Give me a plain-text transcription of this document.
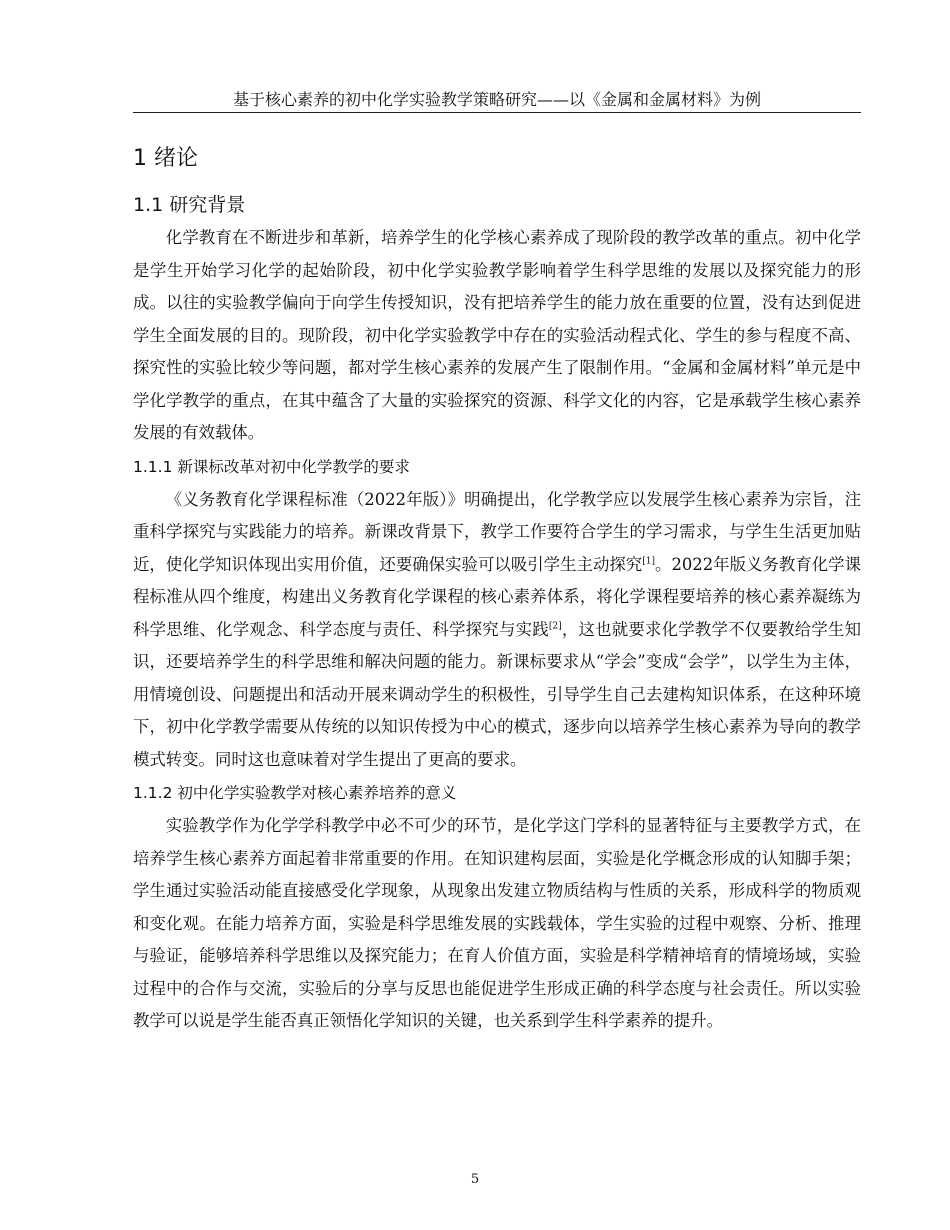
基于核心素养的初中化学实验教学策略研究——以《金属和金属材料》为例
1 绪论
1.1 研究背景

化学教育在不断进步和革新，培养学生的化学核心素养成了现阶段的教学改革的重点。初中化学是学生开始学习化学的起始阶段，初中化学实验教学影响着学生科学思维的发展以及探究能力的形成。以往的实验教学偏向于向学生传授知识，没有把培养学生的能力放在重要的位置，没有达到促进学生全面发展的目的。现阶段，初中化学实验教学中存在的实验活动程式化、学生的参与程度不高、探究性的实验比较少等问题，都对学生核心素养的发展产生了限制作用。“金属和金属材料”单元是中学化学教学的重点，在其中蕴含了大量的实验探究的资源、科学文化的内容，它是承载学生核心素养发展的有效载体。

1.1.1 新课标改革对初中化学教学的要求

《义务教育化学课程标准（2022年版）》明确提出，化学教学应以发展学生核心素养为宗旨，注重科学探究与实践能力的培养。新课改背景下，教学工作要符合学生的学习需求，与学生生活更加贴近，使化学知识体现出实用价值，还要确保实验可以吸引学生主动探究[1]。2022年版义务教育化学课程标准从四个维度，构建出义务教育化学课程的核心素养体系，将化学课程要培养的核心素养凝练为科学思维、化学观念、科学态度与责任、科学探究与实践[2]，这也就要求化学教学不仅要教给学生知识，还要培养学生的科学思维和解决问题的能力。新课标要求从“学会”变成“会学”，以学生为主体，用情境创设、问题提出和活动开展来调动学生的积极性，引导学生自己去建构知识体系，在这种环境下，初中化学教学需要从传统的以知识传授为中心的模式，逐步向以培养学生核心素养为导向的教学模式转变。同时这也意味着对学生提出了更高的要求。

1.1.2 初中化学实验教学对核心素养培养的意义

实验教学作为化学学科教学中必不可少的环节，是化学这门学科的显著特征与主要教学方式，在培养学生核心素养方面起着非常重要的作用。在知识建构层面，实验是化学概念形成的认知脚手架；学生通过实验活动能直接感受化学现象，从现象出发建立物质结构与性质的关系，形成科学的物质观和变化观。在能力培养方面，实验是科学思维发展的实践载体，学生实验的过程中观察、分析、推理与验证，能够培养科学思维以及探究能力；在育人价值方面，实验是科学精神培育的情境场域，实验过程中的合作与交流，实验后的分享与反思也能促进学生形成正确的科学态度与社会责任。所以实验教学可以说是学生能否真正领悟化学知识的关键，也关系到学生科学素养的提升。

5
